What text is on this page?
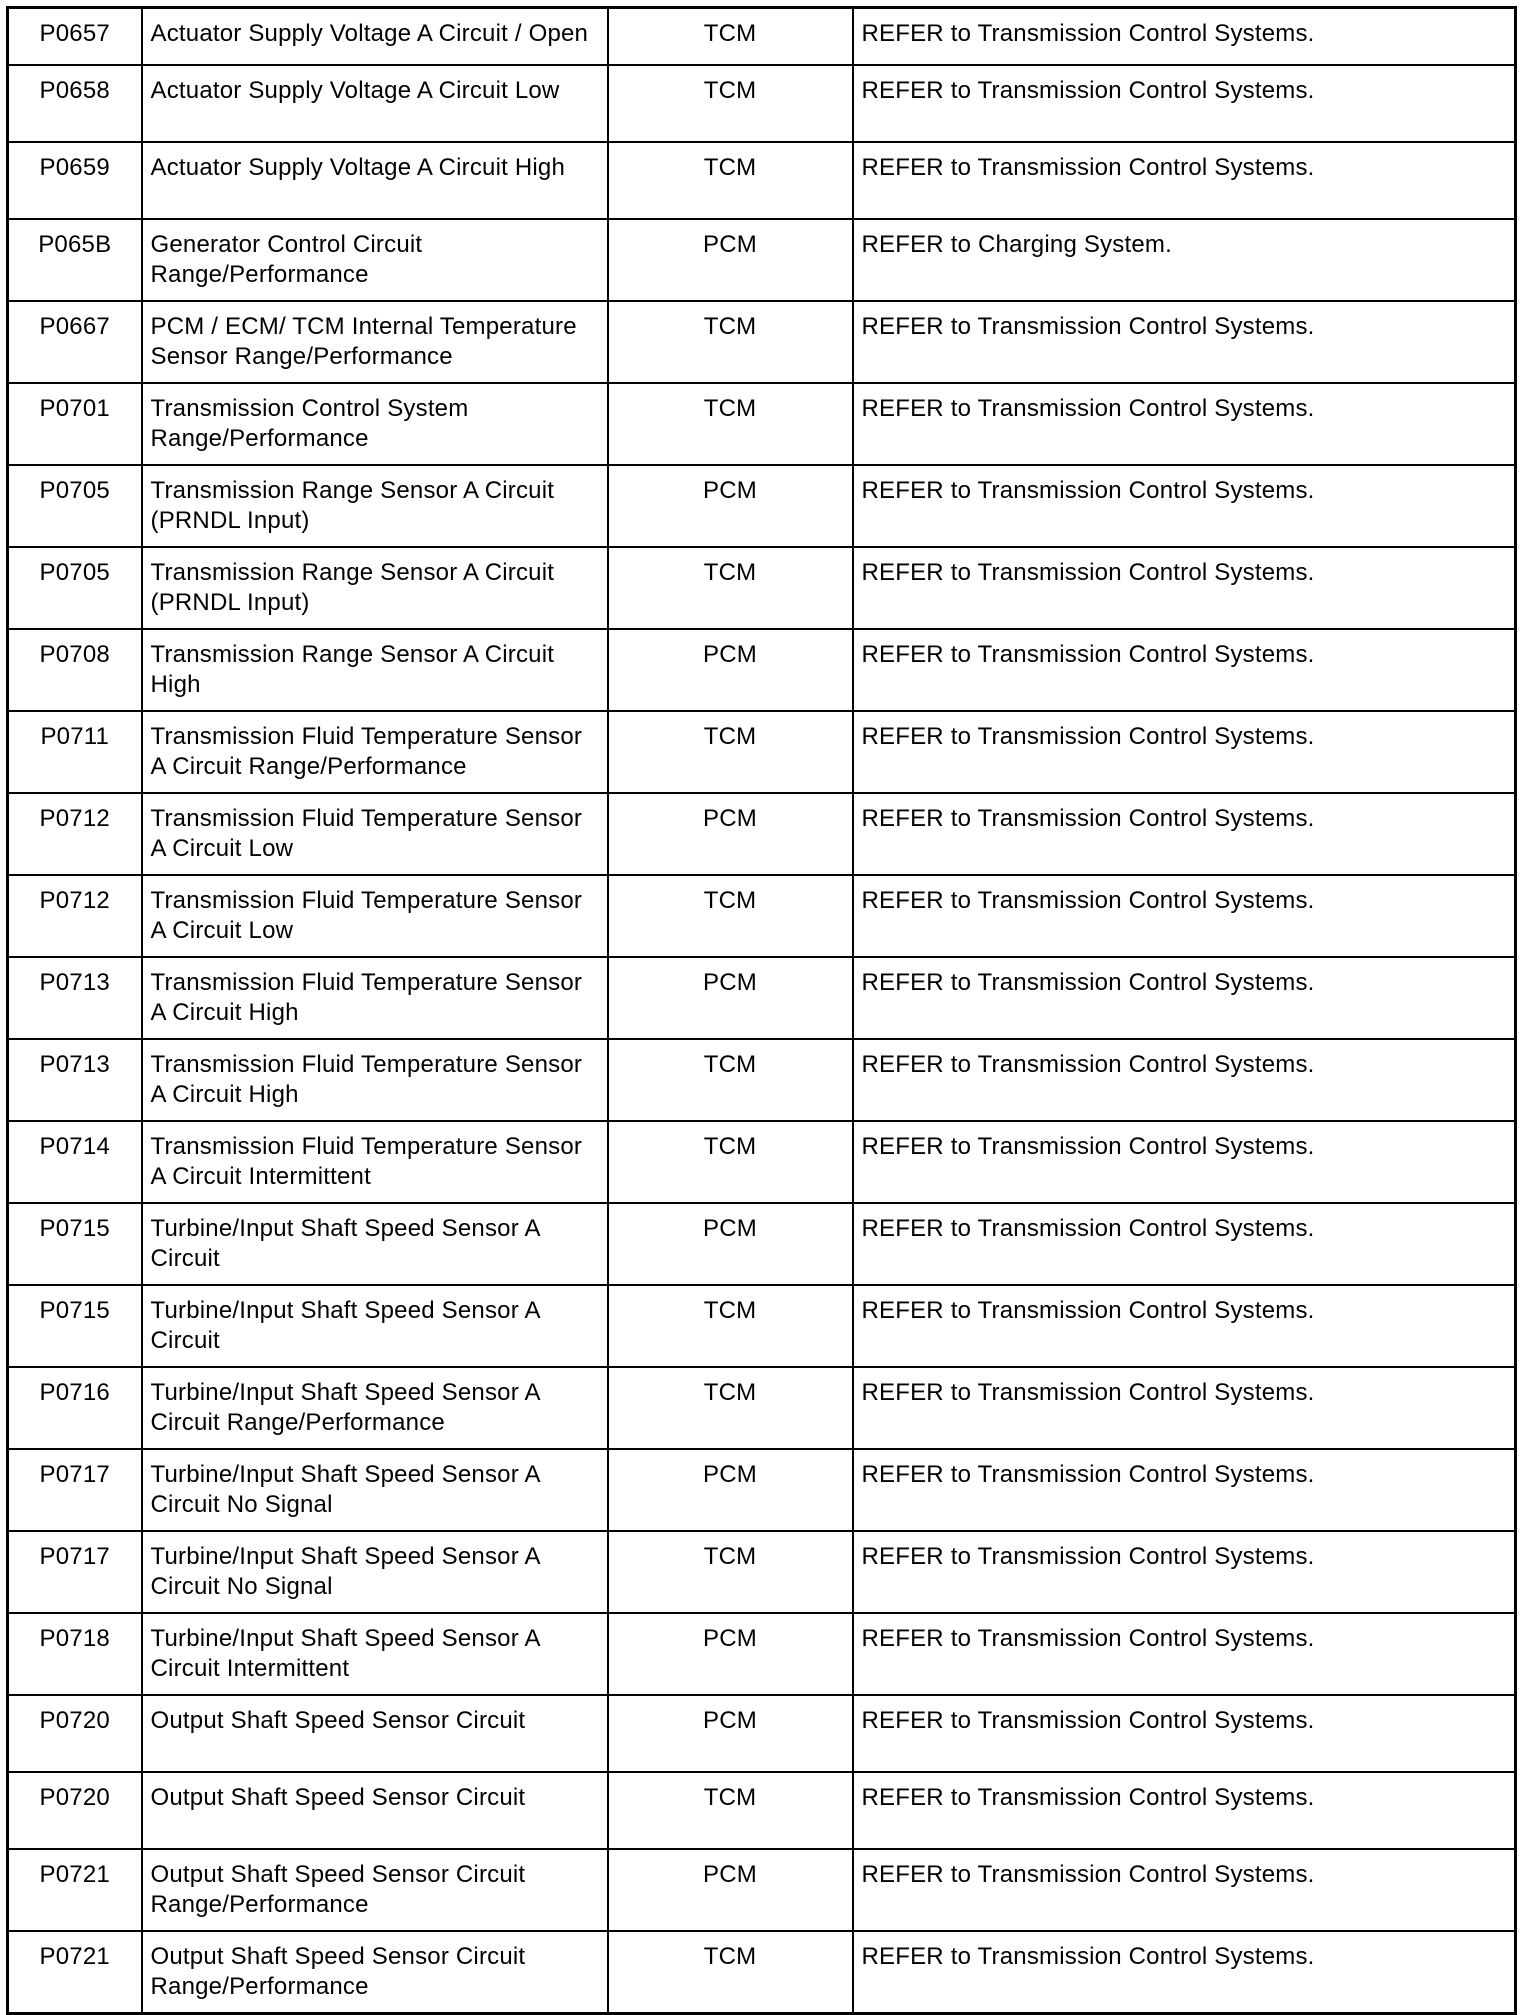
P0657	Actuator Supply Voltage A Circuit / Open	TCM	REFER to Transmission Control Systems.
P0658	Actuator Supply Voltage A Circuit Low	TCM	REFER to Transmission Control Systems.
P0659	Actuator Supply Voltage A Circuit High	TCM	REFER to Transmission Control Systems.
P065B	Generator Control Circuit Range/Performance	PCM	REFER to Charging System.
P0667	PCM / ECM/ TCM Internal Temperature Sensor Range/Performance	TCM	REFER to Transmission Control Systems.
P0701	Transmission Control System Range/Performance	TCM	REFER to Transmission Control Systems.
P0705	Transmission Range Sensor A Circuit (PRNDL Input)	PCM	REFER to Transmission Control Systems.
P0705	Transmission Range Sensor A Circuit (PRNDL Input)	TCM	REFER to Transmission Control Systems.
P0708	Transmission Range Sensor A Circuit High	PCM	REFER to Transmission Control Systems.
P0711	Transmission Fluid Temperature Sensor A Circuit Range/Performance	TCM	REFER to Transmission Control Systems.
P0712	Transmission Fluid Temperature Sensor A Circuit Low	PCM	REFER to Transmission Control Systems.
P0712	Transmission Fluid Temperature Sensor A Circuit Low	TCM	REFER to Transmission Control Systems.
P0713	Transmission Fluid Temperature Sensor A Circuit High	PCM	REFER to Transmission Control Systems.
P0713	Transmission Fluid Temperature Sensor A Circuit High	TCM	REFER to Transmission Control Systems.
P0714	Transmission Fluid Temperature Sensor A Circuit Intermittent	TCM	REFER to Transmission Control Systems.
P0715	Turbine/Input Shaft Speed Sensor A Circuit	PCM	REFER to Transmission Control Systems.
P0715	Turbine/Input Shaft Speed Sensor A Circuit	TCM	REFER to Transmission Control Systems.
P0716	Turbine/Input Shaft Speed Sensor A Circuit Range/Performance	TCM	REFER to Transmission Control Systems.
P0717	Turbine/Input Shaft Speed Sensor A Circuit No Signal	PCM	REFER to Transmission Control Systems.
P0717	Turbine/Input Shaft Speed Sensor A Circuit No Signal	TCM	REFER to Transmission Control Systems.
P0718	Turbine/Input Shaft Speed Sensor A Circuit Intermittent	PCM	REFER to Transmission Control Systems.
P0720	Output Shaft Speed Sensor Circuit	PCM	REFER to Transmission Control Systems.
P0720	Output Shaft Speed Sensor Circuit	TCM	REFER to Transmission Control Systems.
P0721	Output Shaft Speed Sensor Circuit Range/Performance	PCM	REFER to Transmission Control Systems.
P0721	Output Shaft Speed Sensor Circuit Range/Performance	TCM	REFER to Transmission Control Systems.
